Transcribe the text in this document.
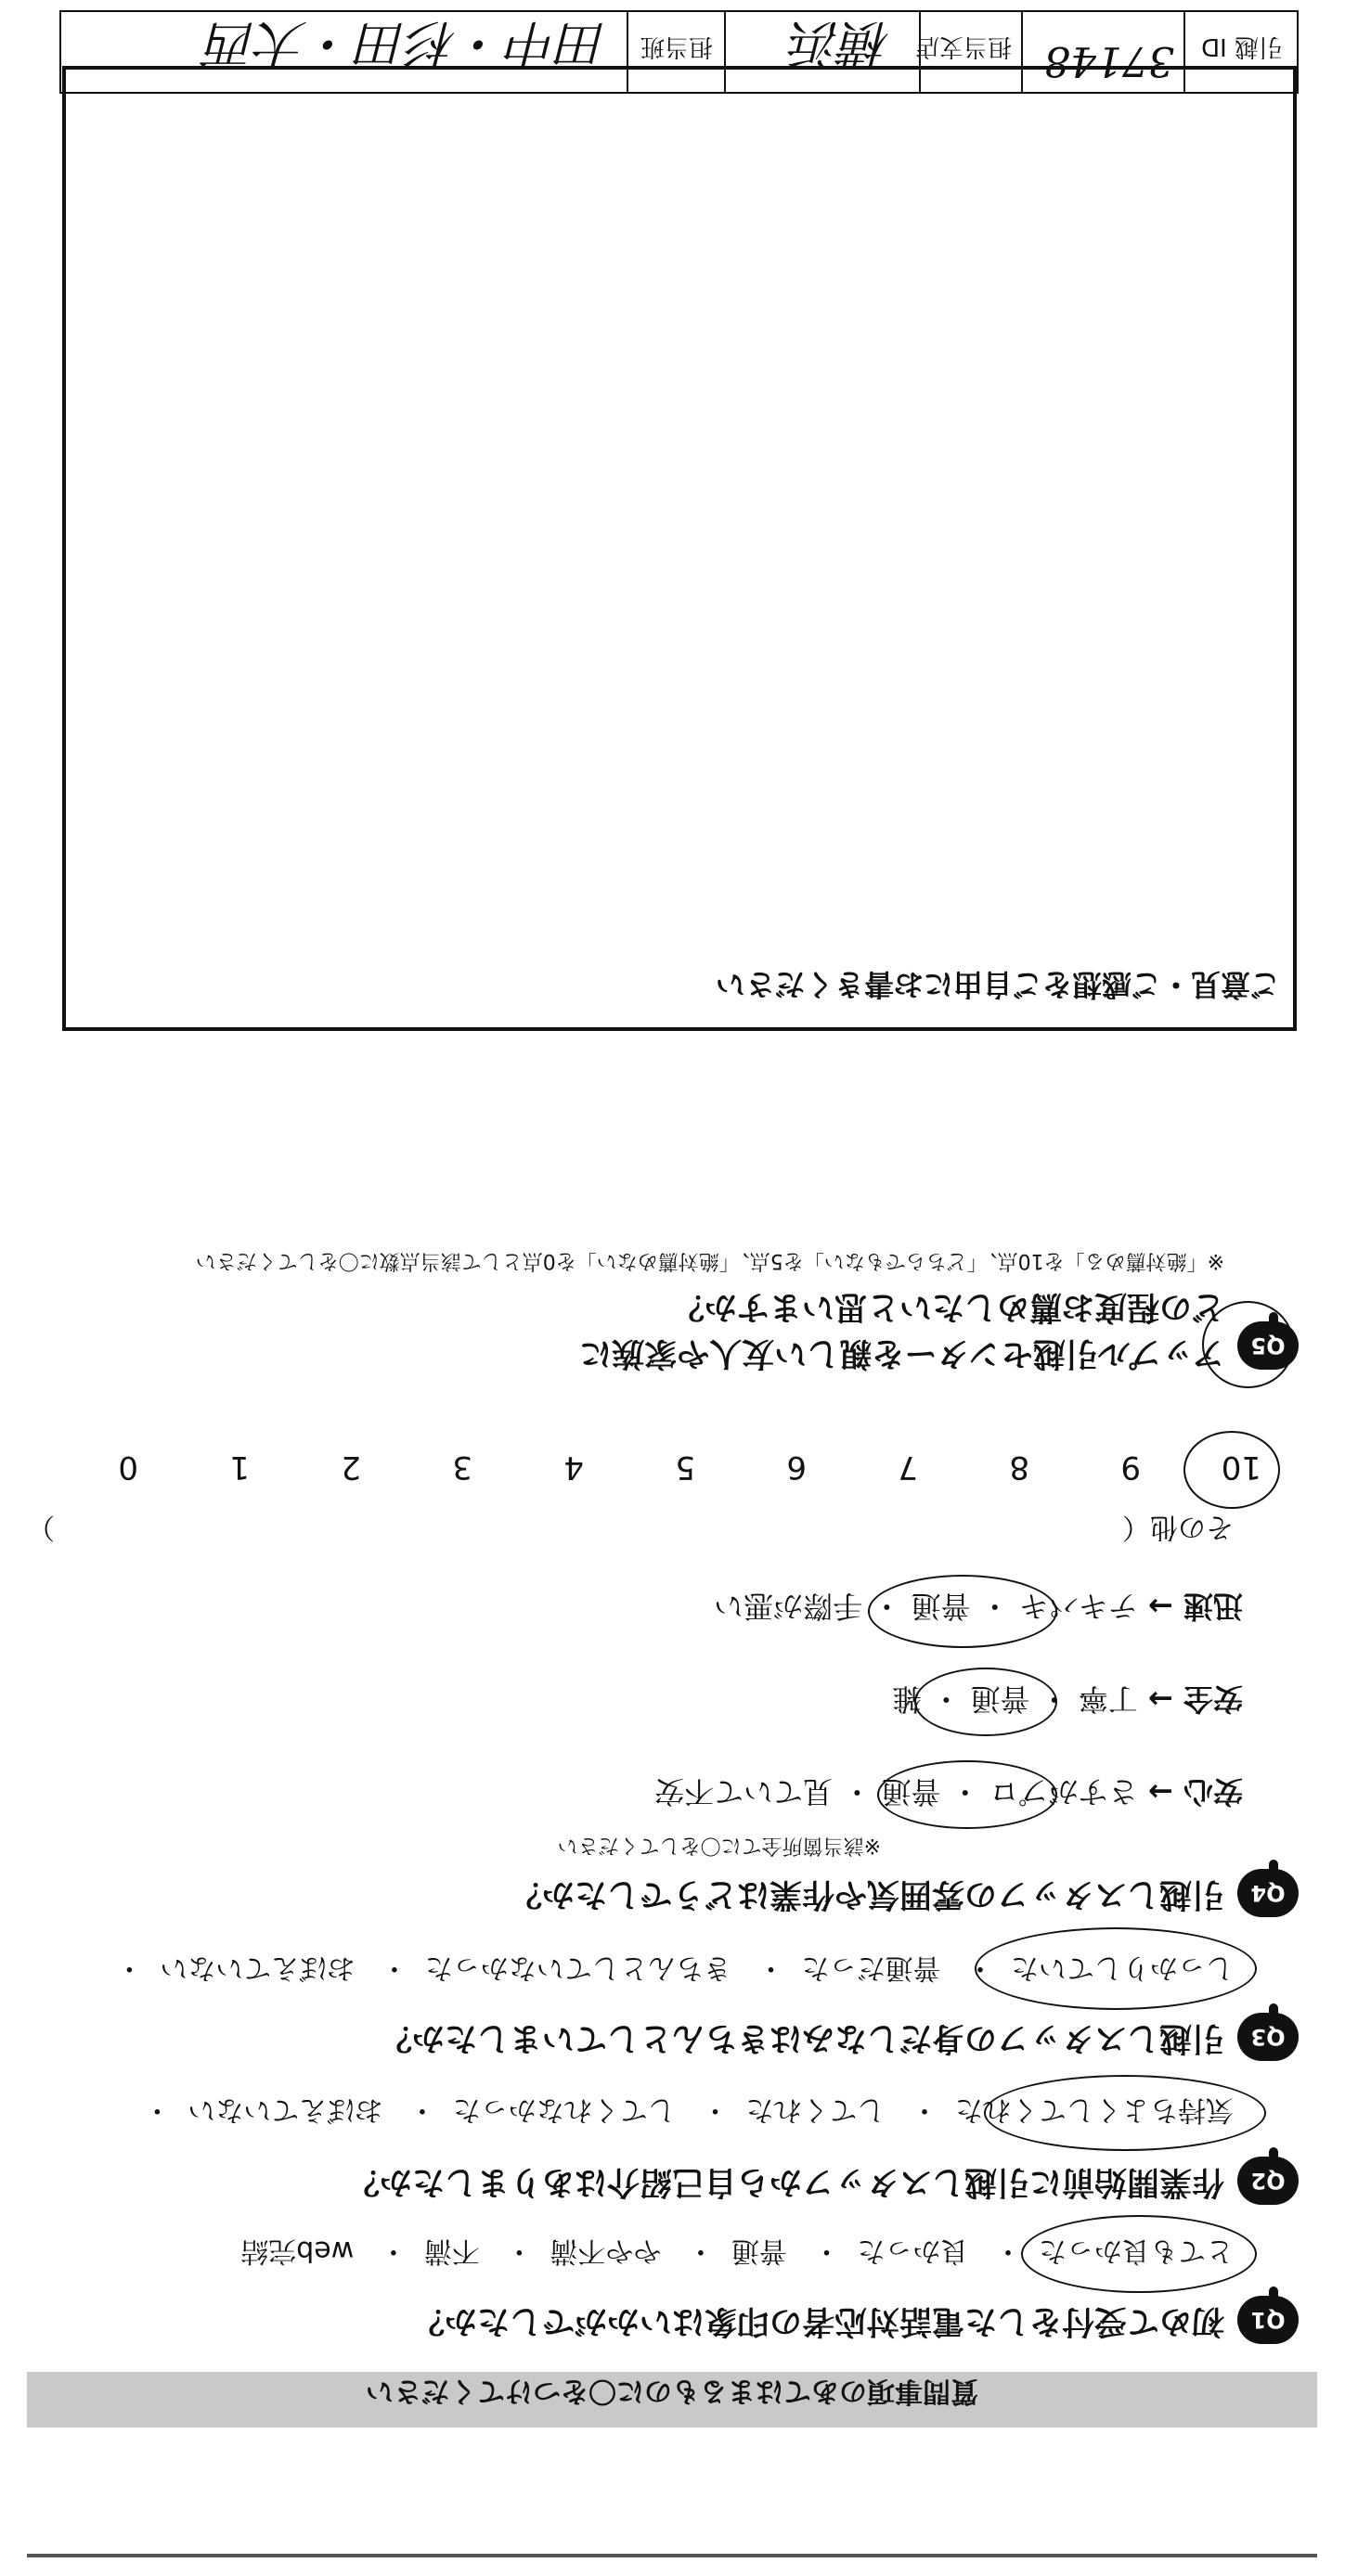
質問事項のあてはまるものに〇をつけてください
Q1
初めて受付をした電話対応者の印象はいかがでしたか？
とても良かった・ 良かった・ 普通・ やや不満・ 不満・ web完結
Q2
作業開始前に引越しスタッフから自己紹介はありましたか？
気持ちよくしてくれた・ してくれた・ してくれなかった・ おぼえていない・
Q3
引越しスタッフの身だしなみはきちんとしていましたか？
しっかりしていた・ 普通だった・ きちんとしていなかった・ おぼえていない・
Q4
引越しスタッフの雰囲気や作業はどうでしたか？
※該当箇所全てに〇をしてください
安心 → さすがプロ ・ 普通 ・ 見ていて不安
安全 → 丁寧 ・ 普通 ・ 雑
迅速 → テキパキ ・ 普通 ・ 手際が悪い
その他（）
Q5
アップル引越センターを親しい友人や家族に
どの程度お薦めしたいと思いますか？
※「絶対薦める」を10点、「どちらでもない」を5点、「絶対薦めない」を0点として該当点数に〇をしてください
10
9
8
7
6
5
4
3
2
1
0
ご意見・ご感想をご自由にお書きください
引越 ID
37148
担当支店
横浜
担当班
田中・杉田・大西
